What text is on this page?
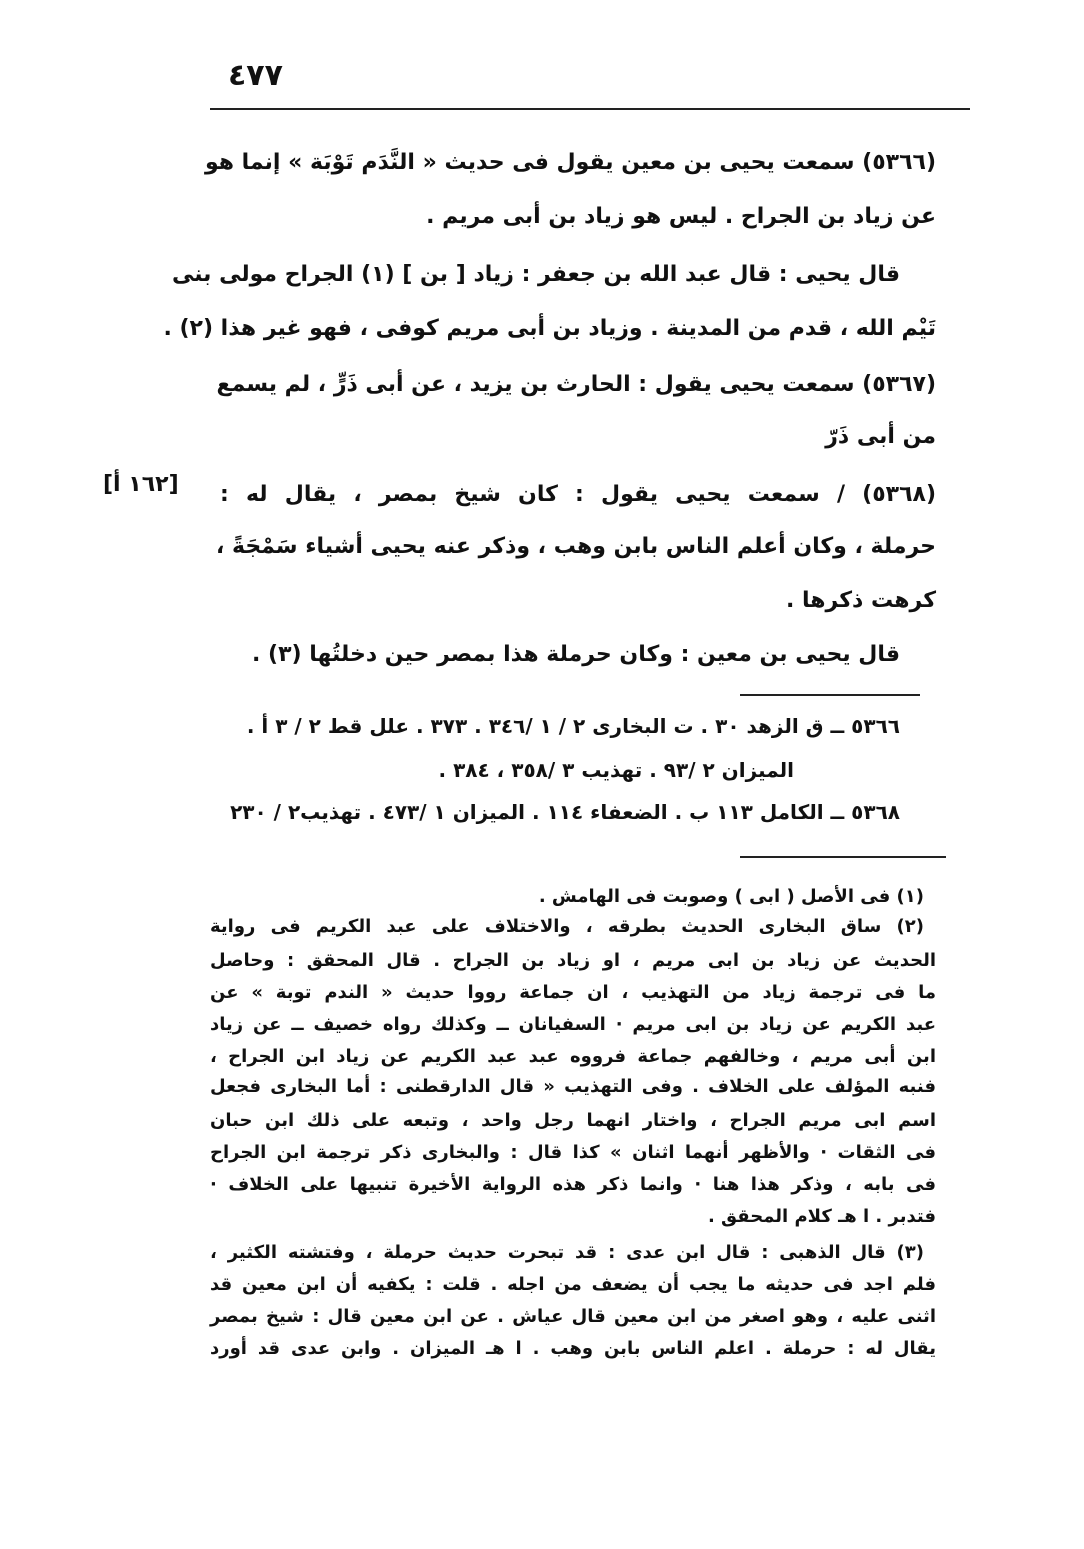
٤٧٧
(٥٣٦٦) سمعت يحيى بن معين يقول فى حديث « النَّدَم تَوْبَة » إنما هو
عن زياد بن الجراح . ليس هو زياد بن أبى مريم .
قال يحيى : قال عبد الله بن جعفر : زياد [ بن ] (١) الجراح مولى بنى
تَيْم الله ، قدم من المدينة . وزياد بن أبى مريم كوفى ، فهو غير هذا (٢) .
(٥٣٦٧) سمعت يحيى يقول : الحارث بن يزيد ، عن أبى ذَرٍّ ، لم يسمع
من أبى ذَرّ
[١٦٢ أ] (٥٣٦٨) / سمعت يحيى يقول : كان شيخ بمصر ، يقال له :
حرملة ، وكان أعلم الناس بابن وهب ، وذكر عنه يحيى أشياء سَمْجَةً ،
كرهت ذكرها .
قال يحيى بن معين : وكان حرملة هذا بمصر حين دخلتُها (٣) .
٥٣٦٦ ــ ق الزهد ٣٠ . ت البخارى ٢ / ١ /٣٤٦ . ٣٧٣ . علل قط ٢ / ٣ أ .
الميزان ٢ /٩٣ . تهذيب ٣ /٣٥٨ ، ٣٨٤ .
٥٣٦٨ ــ الكامل ١١٣ ب . الضعفاء ١١٤ . الميزان ١ /٤٧٣ . تهذيب٢ / ٢٣٠
(١) فى الأصل ( ابى ) وصوبت فى الهامش .
(٢) ساق البخارى الحديث بطرقه ، والاختلاف على عبد الكريم فى رواية
الحديث عن زياد بن ابى مريم ، او زياد بن الجراح . قال المحقق : وحاصل
ما فى ترجمة زياد من التهذيب ، ان جماعة رووا حديث « الندم توبة » عن
عبد الكريم عن زياد بن ابى مريم · السفيانان ــ وكذلك رواه خصيف ــ عن زياد
ابن أبى مريم ، وخالفهم جماعة فرووه عبد عبد الكريم عن زياد ابن الجراح ،
فنبه المؤلف على الخلاف . وفى التهذيب « قال الدارقطنى : أما البخارى فجعل
اسم ابى مريم الجراح ، واختار انهما رجل واحد ، وتبعه على ذلك ابن حبان
فى الثقات · والأظهر أنهما اثنان » كذا قال : والبخارى ذكر ترجمة ابن الجراح
فى بابه ، وذكر هذا هنا · وانما ذكر هذه الرواية الأخيرة تنبيها على الخلاف ·
فتدبر . ا هـ كلام المحقق .
(٣) قال الذهبى : قال ابن عدى : قد تبحرت حديث حرملة ، وفتشته الكثير ،
فلم اجد فى حديثه ما يجب أن يضعف من اجله . قلت : يكفيه أن ابن معين قد
اثنى عليه ، وهو اصغر من ابن معين قال عياش . عن ابن معين قال : شيخ بمصر
يقال له : حرملة . اعلم الناس بابن وهب . ا هـ الميزان . وابن عدى قد أورد
